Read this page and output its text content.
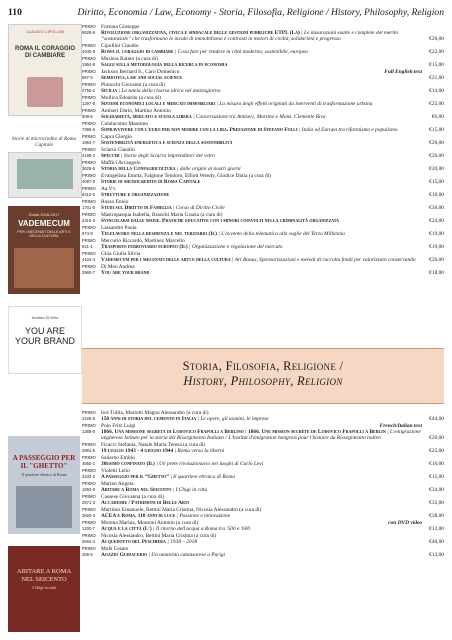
110	Diritto, Economia / Law, Economy - Storia, Filosofia, Religione / History, Philosophy, Religion
CLAUDIO CIPOLLINI
ROMA IL CORAGGIO DI CAMBIARE
Storie di microcredito di Roma Capitale
Guida 2016-2017
VADEMECUM
PER I MECENATI DELLE ARTI E DELLA CULTURA
Andrea Di Meo
YOU ARE YOUR BRAND
A PASSEGGIO PER IL "GHETTO"
Il quartiere ebraico di Roma
ABITARE A ROMA NEL SEICENTO
I Chigi in città
PRIMO 9829-9
Fortuna Giuseppe
Rivoluzione organizzativa, civica e sindacale delle gestioni pubbliche ETPL (La) | Le misurazioni esatte e complete del merito “sostanziale” che trasformano le incubi di immobilismo e contrasti in motori di civiltà, solidarietà e progresso	€20,00
PRIMO 4040-5
Cipollini Claudio
Roma il coraggio di cambiare | Cosa fare per rendere la città moderna, sostenibile, europea	€22,00
PRIMO 1954-8
Musiera Rainer (a cura di)
Saggi sulla metodologia della ricerca in economia	€15,00
PRIMO 897-5
Jackson Bernard S., Caro Domenico
Semiotics, law and social science
Full English text
€21,00
PRIMO 4755-2
Pinnochi Giovanni (a cura di)
Sicilia | La tutela della risorsa idrica nel mezzogiorno	€14,00
PRIMO 1297-6
Mollica Edoardo (a cura di)
Sistemi economici locali e mercati immobiliari | La misura degli effetti originati da interventi di trasformazione urbana	€25,00
PRIMO 808-6
Antiseri Dario, Martino Antonio
Solidarietà, mercato e scuola libera | Conversazione tra Antiseri, Martino e Mons. Clemente Riva	€6,00
PRIMO 7396-6
Colalacomo Massimo
Sopravvivere con l'euro per non morire con la lira. Prefazione di Stefano Folli | Italia ed Europa tra riformismo e populismo	€15,00
PRIMO 1964-7
Capra Giorgio
Sostenibilità energetica e scienza della sostenibilità	€20,00
PRIMO 4199-2
Sciarra Claudio
Specchi | Storie degli Sciarra imprenditori del vetro	€20,00
PRIMO 3625-5
Maffici Arcangelo
Storia della Confagricoltura | dalle origini ai nostri giorni	€20,00
PRIMO 4087-0
Evangelista Emma, Falgione Teodoro, Elliott Wendy, Giudice Daria (a cura di)
Storie di microcredito di Roma Capitale	€15,00
PRIMO 6410-0
Aa.Vv.
Strutture e organizzazione	€10,00
PRIMO 1701-5
Russo Ennio
Studi sul Diritto di Famiglia | Corso di Diritto Civile	€36,00
PRIMO 2316-3
Mastropasqua Isabella, Branchi Maria Grazia (a cura di)
Svincolarsi dalle mafie. Pratiche educative con i minori coinvolti nella criminalità organizzata	€24,00
PRIMO 974-9
Lassandro Paola
Telelavoro nella residenza e nel terziario (Il) | L'avvento della telematica alle soglie del Terzo Millennio	€19,00
PRIMO 921-1
Mercurio Riccardo, Martinez Marcello
Trasporto ferroviario europeo (Il) | Organizzazione e regolazione del mercato	€19,00
PRIMO 4104-4
Ghia Giulia Silvia
Vademecum per i mecenati delle arti e della cultura | Art Bonus, Sponsorizzazioni e metodi di raccolta fondi per valorizzare conservando	€20,00
PRIMO 3960-7
Di Meo Andrea
You are your brand	€18,00
Storia, Filosofia, Religione /
History, Philosophy, Religion
PRIMO 2226-6
Iori Tullia, Mariotti Magno Alessandro (a cura di)
150 anni di storia del cemento in Italia | Le opere, gli uomini, le imprese	€44,00
PRIMO 1385-0
Polo Fritz Luigi
1866. Una missione segreta di Lodovico Frapolli a Berlino / 1866. Une mission secrète de Lodovico Frapolli à Berlin | L'emigrazione ungherese Istituto per la storia del Risorgimento Italiano / L'Institut d'émigration hongrois pour l'histoire du Risorgimento italien
French/Italian text
€20,00
PRIMO 2891-6
Ficacci Stefania, Natale Maria Teresa (a cura di)
19 luglio 1943 - 4 giugno 1944 | Roma verso la libertà	€25,00
PRIMO 4850-1
Salierno Emilio
30esimo confinato (Il) | Un prete rivoluzionario nei luoghi di Carlo Levi	€16,00
PRIMO 3233-2
Violetti Lelio
A passeggio per il “Ghetto” | Il quartiere ebraico di Roma	€15,00
PRIMO 1593-0
Marino Angela
Abitare a Roma nel Seicento | I Chigi in città	€34,00
PRIMO 2671-3
Cassese Giovanna (a cura di)
Accademie / Patrimoni di Belle Arti	€35,00
PRIMO 3820-4
Martinez Emanuele, Bettini Maria Cristina, Nicosia Alessandro (a cura di)
ACEA e Roma. 110 anni di luce | Passione e innovazione	€38,00
PRIMO 1200-7
Morena Marina, Montoni Antonio (a cura di)
Acqua e la città (L') | Il ritorno dell'acqua a Roma tra '500 e '600
con DVD video
€12,00
PRIMO 3664-4
Nicosia Alessandro, Bettini Maria Cristina (a cura di)
Acquedotto del Peschiera | 1938 – 2018	€40,00
PRIMO 268-9
Mulè Cesare
Agazio Guidacerio | Un umanista catanzarese a Parigi	€12,00
